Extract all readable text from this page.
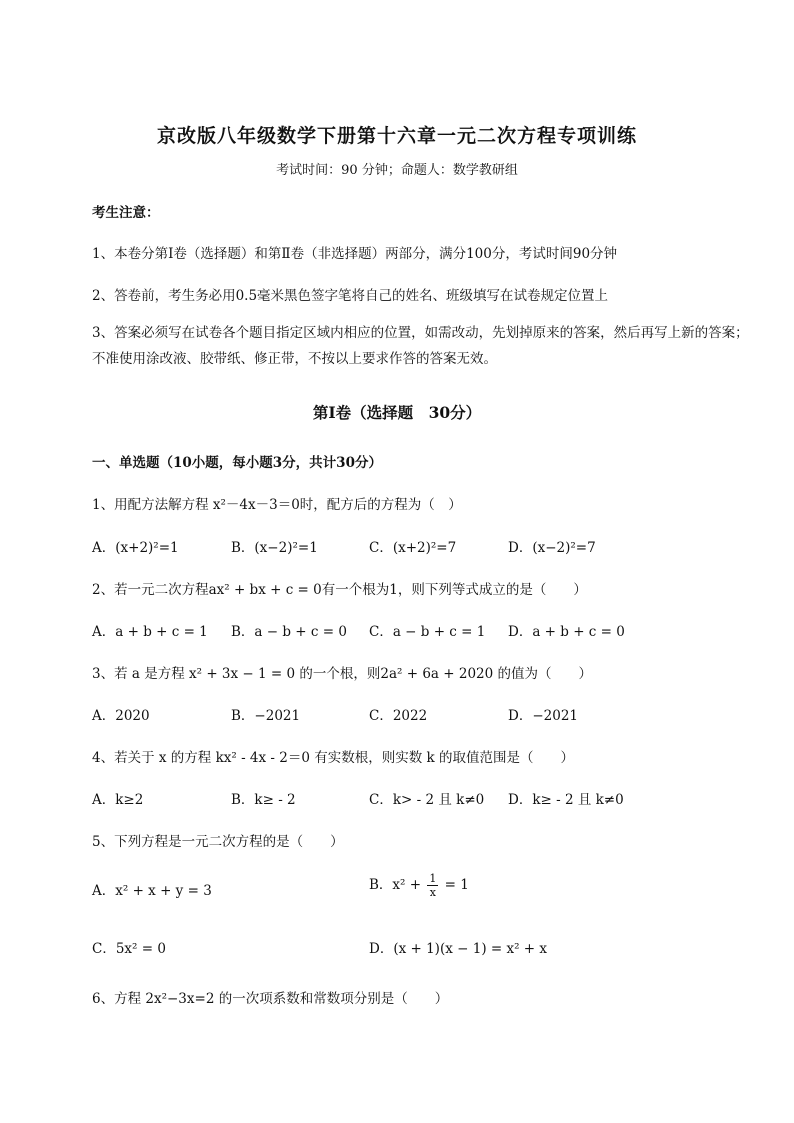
京改版八年级数学下册第十六章一元二次方程专项训练
考试时间：90 分钟；命题人：数学教研组
考生注意：
1、本卷分第Ⅰ卷（选择题）和第Ⅱ卷（非选择题）两部分，满分100分，考试时间90分钟
2、答卷前，考生务必用0.5毫米黑色签字笔将自己的姓名、班级填写在试卷规定位置上
3、答案必须写在试卷各个题目指定区域内相应的位置，如需改动，先划掉原来的答案，然后再写上新的答案；不准使用涂改液、胶带纸、修正带，不按以上要求作答的答案无效。
第Ⅰ卷（选择题　30分）
一、单选题（10小题，每小题3分，共计30分）
1、用配方法解方程 x²－4x－3＝0时，配方后的方程为（　）
A．(x+2)²=1	B．(x−2)²=1	C．(x+2)²=7	D．(x−2)²=7
2、若一元二次方程ax² + bx + c = 0有一个根为1，则下列等式成立的是（　　）
A．a + b + c = 1 B．a − b + c = 0 C．a − b + c = 1 D．a + b + c = 0
3、若 a 是方程 x² + 3x − 1 = 0 的一个根，则2a² + 6a + 2020 的值为（　　）
A．2020	B．−2021	C．2022	D．−2021
4、若关于 x 的方程 kx² - 4x - 2＝0 有实数根，则实数 k 的取值范围是（　　）
A．k≥2	B．k≥ - 2	C．k> - 2 且 k≠0 D．k≥ - 2 且 k≠0
5、下列方程是一元二次方程的是（　　）
A．x² + x + y = 3	B．$x^2 + \frac{1}{x} = 1$
C．5x² = 0	D．(x + 1)(x − 1) = x² + x
6、方程 2x²−3x=2 的一次项系数和常数项分别是（　　）
